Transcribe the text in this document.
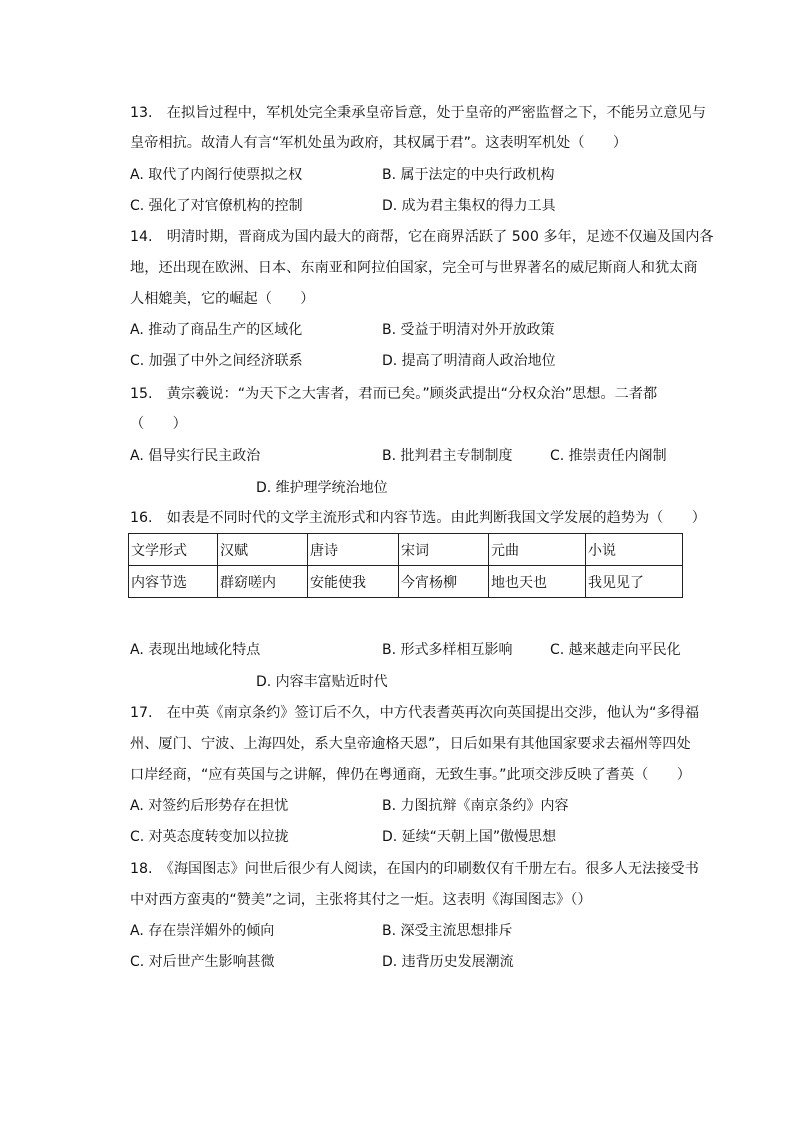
13.　在拟旨过程中，军机处完全秉承皇帝旨意，处于皇帝的严密监督之下，不能另立意见与
皇帝相抗。故清人有言“军机处虽为政府，其权属于君”。这表明军机处（　　）
A. 取代了内阁行使票拟之权	B. 属于法定的中央行政机构
C. 强化了对官僚机构的控制	D. 成为君主集权的得力工具
14.　明清时期，晋商成为国内最大的商帮，它在商界活跃了 500 多年，足迹不仅遍及国内各
地，还出现在欧洲、日本、东南亚和阿拉伯国家，完全可与世界著名的威尼斯商人和犹太商
人相媲美，它的崛起（　　）
A. 推动了商品生产的区域化	B. 受益于明清对外开放政策
C. 加强了中外之间经济联系	D. 提高了明清商人政治地位
15.　黄宗羲说：“为天下之大害者，君而已矣。”顾炎武提出“分权众治”思想。二者都
（　　）
A. 倡导实行民主政治	B. 批判君主专制制度	C. 推崇责任内阁制
D. 维护理学统治地位
16.　如表是不同时代的文学主流形式和内容节选。由此判断我国文学发展的趋势为（　　）
文学形式	汉赋	唐诗	宋词	元曲	小说
内容节选	群窈嗟内	安能使我	今宵杨柳	地也天也	我见见了
A. 表现出地域化特点	B. 形式多样相互影响	C. 越来越走向平民化
D. 内容丰富贴近时代
17.　在中英《南京条约》签订后不久，中方代表耆英再次向英国提出交涉，他认为“多得福
州、厦门、宁波、上海四处，系大皇帝逾格天恩”，日后如果有其他国家要求去福州等四处
口岸经商，“应有英国与之讲解，俾仍在粤通商，无致生事。”此项交涉反映了耆英（　　）
A. 对签约后形势存在担忧	B. 力图抗辩《南京条约》内容
C. 对英态度转变加以拉拢	D. 延续“天朝上国”傲慢思想
18.　《海国图志》问世后很少有人阅读，在国内的印刷数仅有千册左右。很多人无法接受书
中对西方蛮夷的“赞美”之词，主张将其付之一炬。这表明《海国图志》（）
A. 存在崇洋媚外的倾向	B. 深受主流思想排斥
C. 对后世产生影响甚微	D. 违背历史发展潮流
